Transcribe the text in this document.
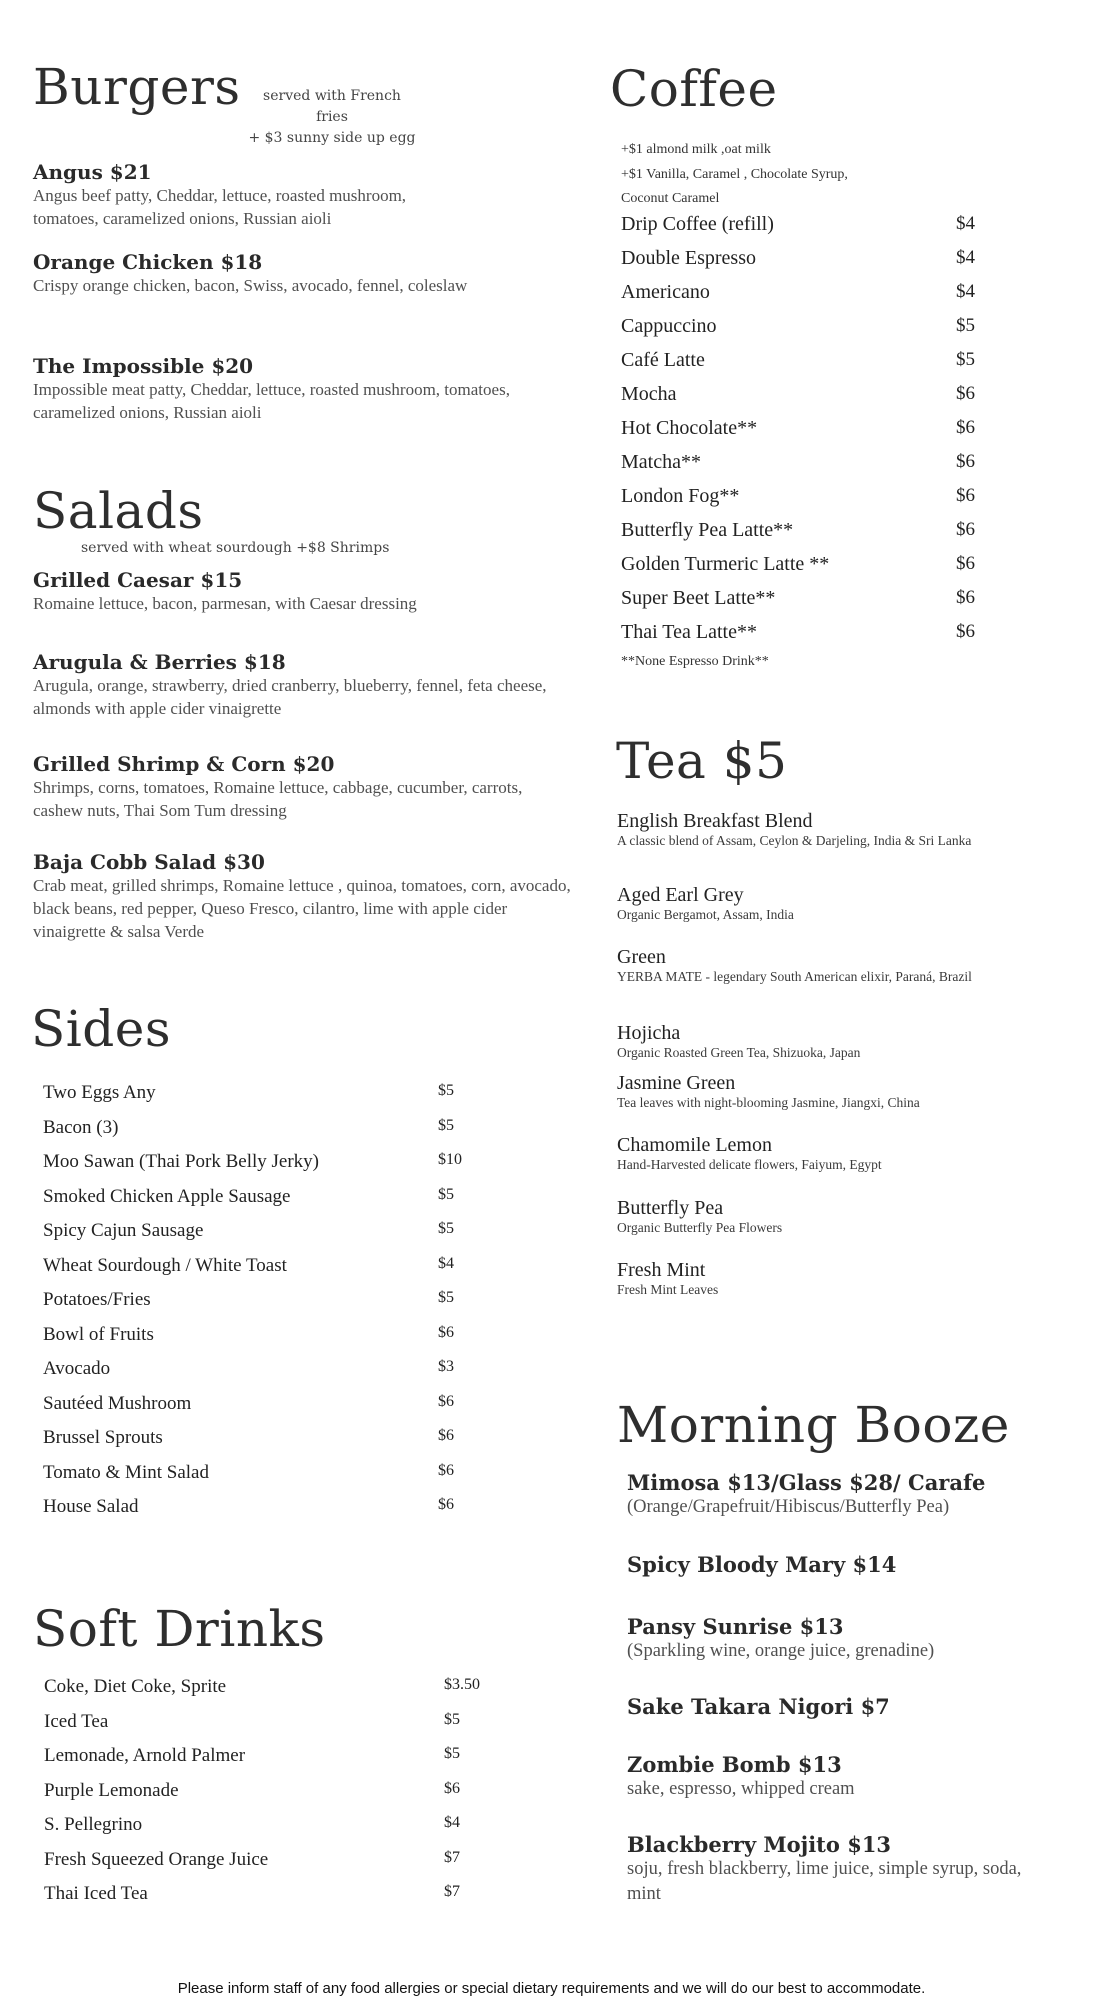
Burgers	served with French fries
+ $3 sunny side up egg
Angus $21
Angus beef patty, Cheddar, lettuce, roasted mushroom, tomatoes, caramelized onions, Russian aioli
Orange Chicken $18
Crispy orange chicken, bacon, Swiss, avocado, fennel, coleslaw
The Impossible $20
Impossible meat patty, Cheddar, lettuce, roasted mushroom, tomatoes, caramelized onions, Russian aioli
Salads
served with wheat sourdough +$8 Shrimps
Grilled Caesar $15
Romaine lettuce, bacon, parmesan, with Caesar dressing
Arugula & Berries $18
Arugula, orange, strawberry, dried cranberry, blueberry, fennel, feta cheese, almonds with apple cider vinaigrette
Grilled Shrimp & Corn $20
Shrimps, corns, tomatoes, Romaine lettuce, cabbage, cucumber, carrots, cashew nuts, Thai Som Tum dressing
Baja Cobb Salad $30
Crab meat, grilled shrimps, Romaine lettuce , quinoa, tomatoes, corn, avocado, black beans, red pepper, Queso Fresco, cilantro, lime with apple cider vinaigrette & salsa Verde
Sides
Two Eggs Any	$5
Bacon (3)	$5
Moo Sawan (Thai Pork Belly Jerky)	$10
Smoked Chicken Apple Sausage	$5
Spicy Cajun Sausage	$5
Wheat Sourdough / White Toast	$4
Potatoes/Fries	$5
Bowl of Fruits	$6
Avocado	$3
Sautéed Mushroom	$6
Brussel Sprouts	$6
Tomato & Mint Salad	$6
House Salad	$6
Soft Drinks
Coke, Diet Coke, Sprite	$3.50
Iced Tea	$5
Lemonade, Arnold Palmer	$5
Purple Lemonade	$6
S. Pellegrino	$4
Fresh Squeezed Orange Juice	$7
Thai Iced Tea	$7
Coffee
+$1 almond milk ,oat milk
+$1 Vanilla, Caramel , Chocolate Syrup,
Coconut Caramel
Drip Coffee (refill)	$4
Double Espresso	$4
Americano	$4
Cappuccino	$5
Café Latte	$5
Mocha	$6
Hot Chocolate**	$6
Matcha**	$6
London Fog**	$6
Butterfly Pea Latte**	$6
Golden Turmeric Latte **	$6
Super Beet Latte**	$6
Thai Tea Latte**	$6
**None Espresso Drink**
Tea $5
English Breakfast Blend
A classic blend of Assam, Ceylon & Darjeling, India & Sri Lanka
Aged Earl Grey
Organic Bergamot, Assam, India
Green
YERBA MATE - legendary South American elixir, Paraná, Brazil
Hojicha
Organic Roasted Green Tea, Shizuoka, Japan
Jasmine Green
Tea leaves with night-blooming Jasmine, Jiangxi, China
Chamomile Lemon
Hand-Harvested delicate flowers, Faiyum, Egypt
Butterfly Pea
Organic Butterfly Pea Flowers
Fresh Mint
Fresh Mint Leaves
Morning Booze
Mimosa $13/Glass $28/ Carafe
(Orange/Grapefruit/Hibiscus/Butterfly Pea)
Spicy Bloody Mary $14
Pansy Sunrise $13
(Sparkling wine, orange juice, grenadine)
Sake Takara Nigori $7
Zombie Bomb $13
sake, espresso, whipped cream
Blackberry Mojito $13
soju, fresh blackberry, lime juice, simple syrup, soda, mint
Please inform staff of any food allergies or special dietary requirements and we will do our best to accommodate.
